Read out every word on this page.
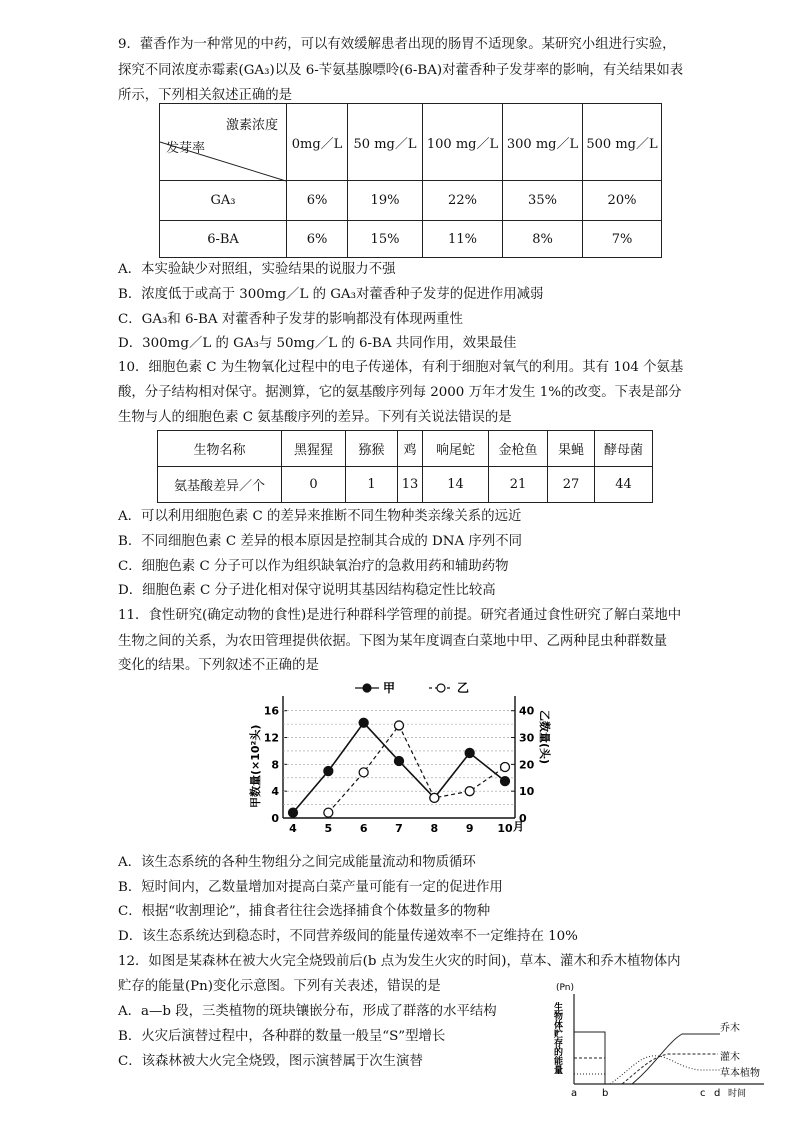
9．藿香作为一种常见的中药，可以有效缓解患者出现的肠胃不适现象。某研究小组进行实验，
探究不同浓度赤霉素(GA₃)以及 6-苄氨基腺嘌呤(6-BA)对藿香种子发芽率的影响，有关结果如表
所示，下列相关叙述正确的是
激素浓度
发芽率	0mg／L	50 mg／L	100 mg／L	300 mg／L	500 mg／L
GA₃	6%	19%	22%	35%	20%
6-BA	6%	15%	11%	8%	7%
A．本实验缺少对照组，实验结果的说服力不强
B．浓度低于或高于 300mg／L 的 GA₃对藿香种子发芽的促进作用减弱
C．GA₃和 6-BA 对藿香种子发芽的影响都没有体现两重性
D．300mg／L 的 GA₃与 50mg／L 的 6-BA 共同作用，效果最佳
10．细胞色素 C 为生物氧化过程中的电子传递体，有利于细胞对氧气的利用。其有 104 个氨基
酸，分子结构相对保守。据测算，它的氨基酸序列每 2000 万年才发生 1%的改变。下表是部分
生物与人的细胞色素 C 氨基酸序列的差异。下列有关说法错误的是
生物名称	黑猩猩	猕猴	鸡	响尾蛇	金枪鱼	果蝇	酵母菌
氨基酸差异／个	0	1	13	14	21	27	44
A．可以利用细胞色素 C 的差异来推断不同生物种类亲缘关系的远近
B．不同细胞色素 C 差异的根本原因是控制其合成的 DNA 序列不同
C．细胞色素 C 分子可以作为组织缺氧治疗的急救用药和辅助药物
D．细胞色素 C 分子进化相对保守说明其基因结构稳定性比较高
11．食性研究(确定动物的食性)是进行种群科学管理的前提。研究者通过食性研究了解白菜地中
生物之间的关系，为农田管理提供依据。下图为某年度调查白菜地中甲、乙两种昆虫种群数量
变化的结果。下列叙述不正确的是
0
4
8
12
16
0
10
20
30
40
4	5	6	7	8	9 10 月
甲数量(×10²头)	乙数量(头)
甲	乙
A．该生态系统的各种生物组分之间完成能量流动和物质循环
B．短时间内，乙数量增加对提高白菜产量可能有一定的促进作用
C．根据“收割理论”，捕食者往往会选择捕食个体数量多的物种
D．该生态系统达到稳态时，不同营养级间的能量传递效率不一定维持在 10%
12．如图是某森林在被大火完全烧毁前后(b 点为发生火灾的时间)，草本、灌木和乔木植物体内
贮存的能量(Pn)变化示意图。下列有关表述，错误的是
A．a—b 段，三类植物的斑块镶嵌分布，形成了群落的水平结构
B．火灾后演替过程中，各种群的数量一般呈“S”型增长
C．该森林被大火完全烧毁，图示演替属于次生演替
(Pn)
生物体贮存的能量	乔木
灌木
草本植物
a b	c d 时间
